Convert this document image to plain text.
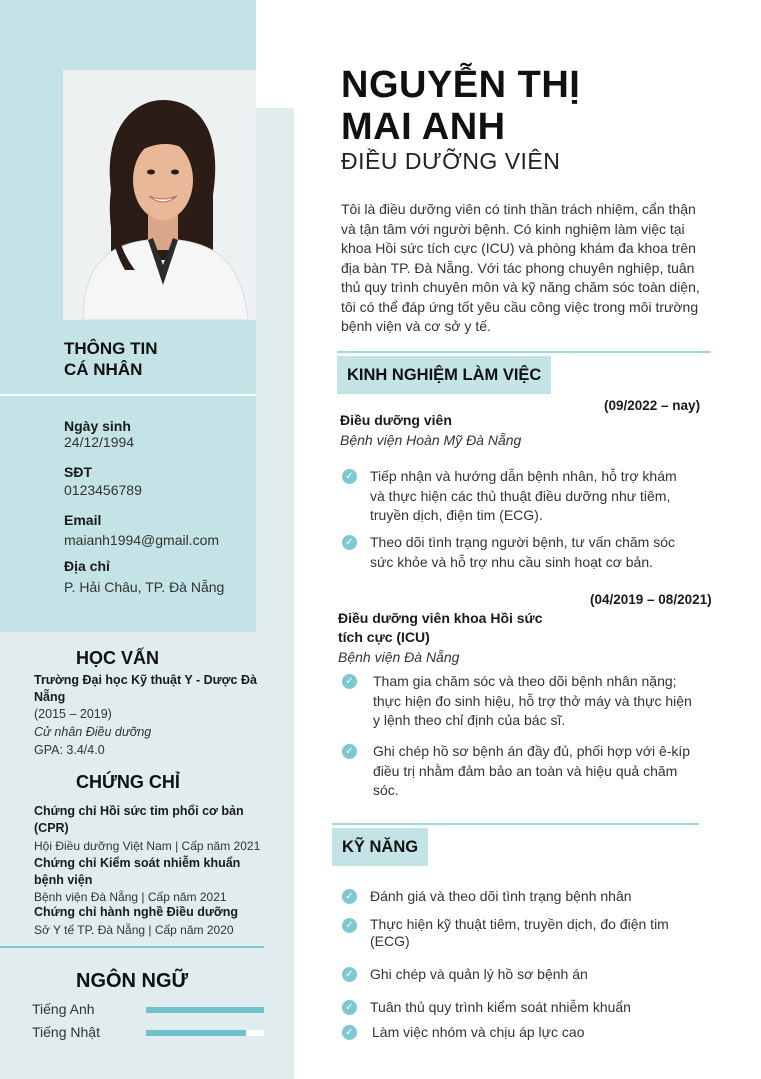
THÔNG TIN
CÁ NHÂN
Ngày sinh
24/12/1994
SĐT
0123456789
Email
maianh1994@gmail.com
Địa chỉ
P. Hải Châu, TP. Đà Nẵng
HỌC VẤN
Trường Đại học Kỹ thuật Y - Dược Đà Nẵng
(2015 – 2019)
Cử nhân Điều dưỡng
GPA: 3.4/4.0
CHỨNG CHỈ
Chứng chỉ Hồi sức tim phổi cơ bản (CPR)
Hội Điều dưỡng Việt Nam | Cấp năm 2021
Chứng chỉ Kiểm soát nhiễm khuẩn bệnh viện
Bệnh viện Đà Nẵng | Cấp năm 2021
Chứng chỉ hành nghề Điều dưỡng
Sở Y tế TP. Đà Nẵng | Cấp năm 2020
NGÔN NGỮ
Tiếng Anh
Tiếng Nhật
NGUYỄN THỊ
MAI ANH
ĐIỀU DƯỠNG VIÊN
Tôi là điều dưỡng viên có tinh thần trách nhiệm, cẩn thận và tận tâm với người bệnh. Có kinh nghiệm làm việc tại khoa Hồi sức tích cực (ICU) và phòng khám đa khoa trên địa bàn TP. Đà Nẵng. Với tác phong chuyên nghiệp, tuân thủ quy trình chuyên môn và kỹ năng chăm sóc toàn diện, tôi có thể đáp ứng tốt yêu cầu công việc trong môi trường bệnh viện và cơ sở y tế.
KINH NGHIỆM LÀM VIỆC
(09/2022 – nay)
Điều dưỡng viên
Bệnh viện Hoàn Mỹ Đà Nẵng
✓ Tiếp nhận và hướng dẫn bệnh nhân, hỗ trợ khám và thực hiện các thủ thuật điều dưỡng như tiêm, truyền dịch, điện tim (ECG).
✓ Theo dõi tình trạng người bệnh, tư vấn chăm sóc sức khỏe và hỗ trợ nhu cầu sinh hoạt cơ bản.
(04/2019 – 08/2021)
Điều dưỡng viên khoa Hồi sức tích cực (ICU)
Bệnh viện Đà Nẵng
✓ Tham gia chăm sóc và theo dõi bệnh nhân nặng; thực hiện đo sinh hiệu, hỗ trợ thở máy và thực hiện y lệnh theo chỉ định của bác sĩ.
✓ Ghi chép hồ sơ bệnh án đầy đủ, phối hợp với ê-kíp điều trị nhằm đảm bảo an toàn và hiệu quả chăm sóc.
KỸ NĂNG
✓ Đánh giá và theo dõi tình trạng bệnh nhân
✓ Thực hiện kỹ thuật tiêm, truyền dịch, đo điện tim (ECG)
✓ Ghi chép và quản lý hồ sơ bệnh án
✓ Tuân thủ quy trình kiểm soát nhiễm khuẩn
✓ Làm việc nhóm và chịu áp lực cao
